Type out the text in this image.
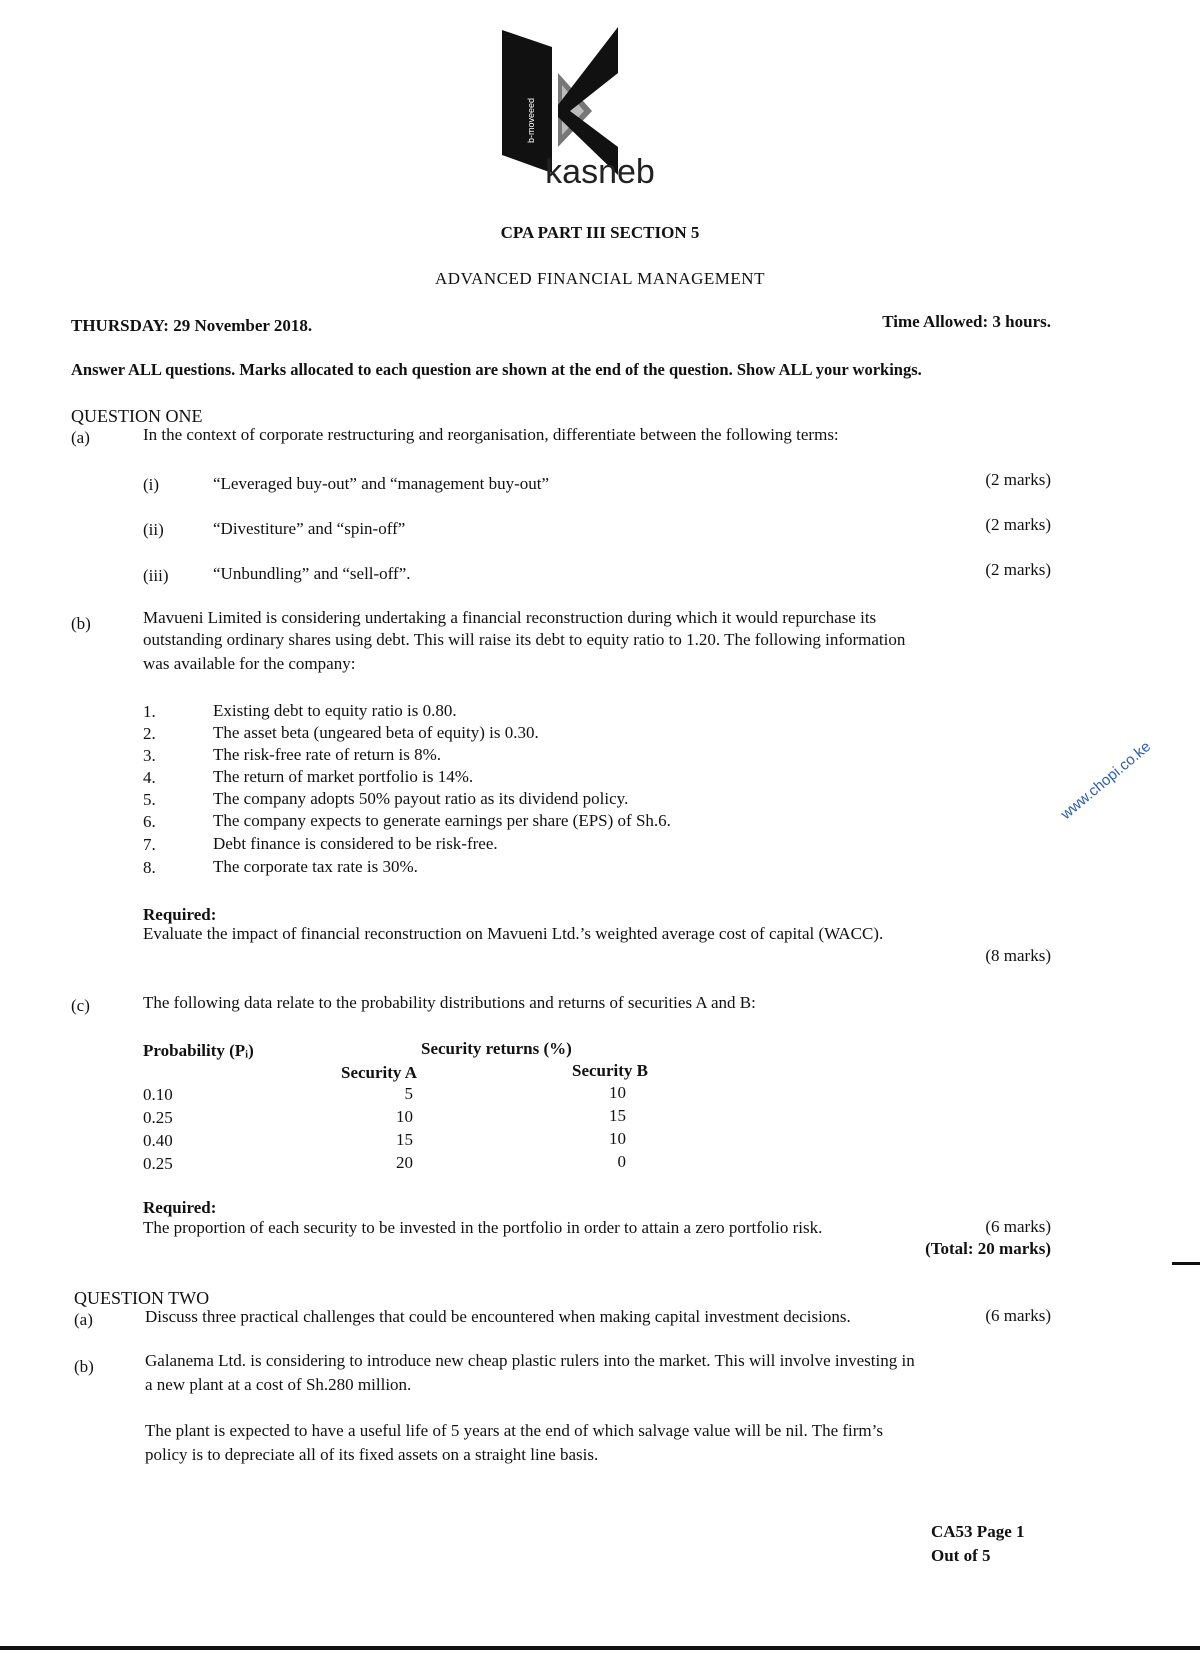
b-moveeed
kasneb
CPA PART III SECTION 5
ADVANCED FINANCIAL MANAGEMENT
THURSDAY: 29 November 2018.	Time Allowed: 3 hours.
Answer ALL questions. Marks allocated to each question are shown at the end of the question. Show ALL your workings.
QUESTION ONE
(a)	In the context of corporate restructuring and reorganisation, differentiate between the following terms:
(i)	“Leveraged buy-out” and “management buy-out”	(2 marks)
(ii)	“Divestiture” and “spin-off”	(2 marks)
(iii)	“Unbundling” and “sell-off”.	(2 marks)
(b)	Mavueni Limited is considering undertaking a financial reconstruction during which it would repurchase its
outstanding ordinary shares using debt. This will raise its debt to equity ratio to 1.20. The following information
was available for the company:
1.	Existing debt to equity ratio is 0.80.
2.	The asset beta (ungeared beta of equity) is 0.30.
3.	The risk-free rate of return is 8%.
4.	The return of market portfolio is 14%.
5.	The company adopts 50% payout ratio as its dividend policy.
6.	The company expects to generate earnings per share (EPS) of Sh.6.
7.	Debt finance is considered to be risk-free.
8.	The corporate tax rate is 30%.
Required:
Evaluate the impact of financial reconstruction on Mavueni Ltd.’s weighted average cost of capital (WACC).
(8 marks)
(c)	The following data relate to the probability distributions and returns of securities A and B:
Probability (Pᵢ)	Security returns (%)
Security A	Security B
0.10	5	10
0.25	10	15
0.40	15	10
0.25	20	0
Required:
The proportion of each security to be invested in the portfolio in order to attain a zero portfolio risk.	(6 marks)
(Total: 20 marks)
QUESTION TWO
(a)	Discuss three practical challenges that could be encountered when making capital investment decisions.	(6 marks)
(b)	Galanema Ltd. is considering to introduce new cheap plastic rulers into the market. This will involve investing in
a new plant at a cost of Sh.280 million.
The plant is expected to have a useful life of 5 years at the end of which salvage value will be nil. The firm’s
policy is to depreciate all of its fixed assets on a straight line basis.
www.chopi.co.ke
CA53 Page 1
Out of 5
